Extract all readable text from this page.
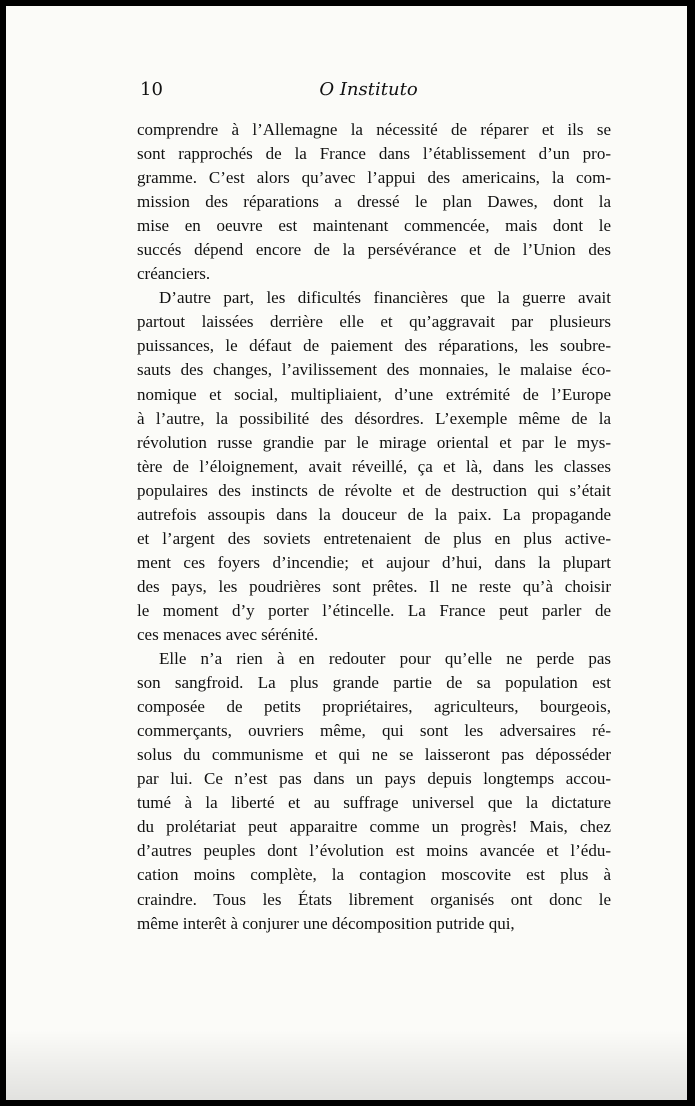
10	O Instituto
comprendre à l’Allemagne la nécessité de réparer et ils se
sont rapprochés de la France dans l’établissement d’un pro-
gramme. C’est alors qu’avec l’appui des americains, la com-
mission des réparations a dressé le plan Dawes, dont la
mise en oeuvre est maintenant commencée, mais dont le
succés dépend encore de la persévérance et de l’Union des
créanciers.
D’autre part, les dificultés financières que la guerre avait
partout laissées derrière elle et qu’aggravait par plusieurs
puissances, le défaut de paiement des réparations, les soubre-
sauts des changes, l’avilissement des monnaies, le malaise éco-
nomique et social, multipliaient, d’une extrémité de l’Europe
à l’autre, la possibilité des désordres. L’exemple même de la
révolution russe grandie par le mirage oriental et par le mys-
tère de l’éloignement, avait réveillé, ça et là, dans les classes
populaires des instincts de révolte et de destruction qui s’était
autrefois assoupis dans la douceur de la paix. La propagande
et l’argent des soviets entretenaient de plus en plus active-
ment ces foyers d’incendie; et aujour d’hui, dans la plupart
des pays, les poudrières sont prêtes. Il ne reste qu’à choisir
le moment d’y porter l’étincelle. La France peut parler de
ces menaces avec sérénité.
Elle n’a rien à en redouter pour qu’elle ne perde pas
son sangfroid. La plus grande partie de sa population est
composée de petits propriétaires, agriculteurs, bourgeois,
commerçants, ouvriers même, qui sont les adversaires ré-
solus du communisme et qui ne se laisseront pas déposséder
par lui. Ce n’est pas dans un pays depuis longtemps accou-
tumé à la liberté et au suffrage universel que la dictature
du prolétariat peut apparaitre comme un progrès! Mais, chez
d’autres peuples dont l’évolution est moins avancée et l’édu-
cation moins complète, la contagion moscovite est plus à
craindre. Tous les États librement organisés ont donc le
même interêt à conjurer une décomposition putride qui,
